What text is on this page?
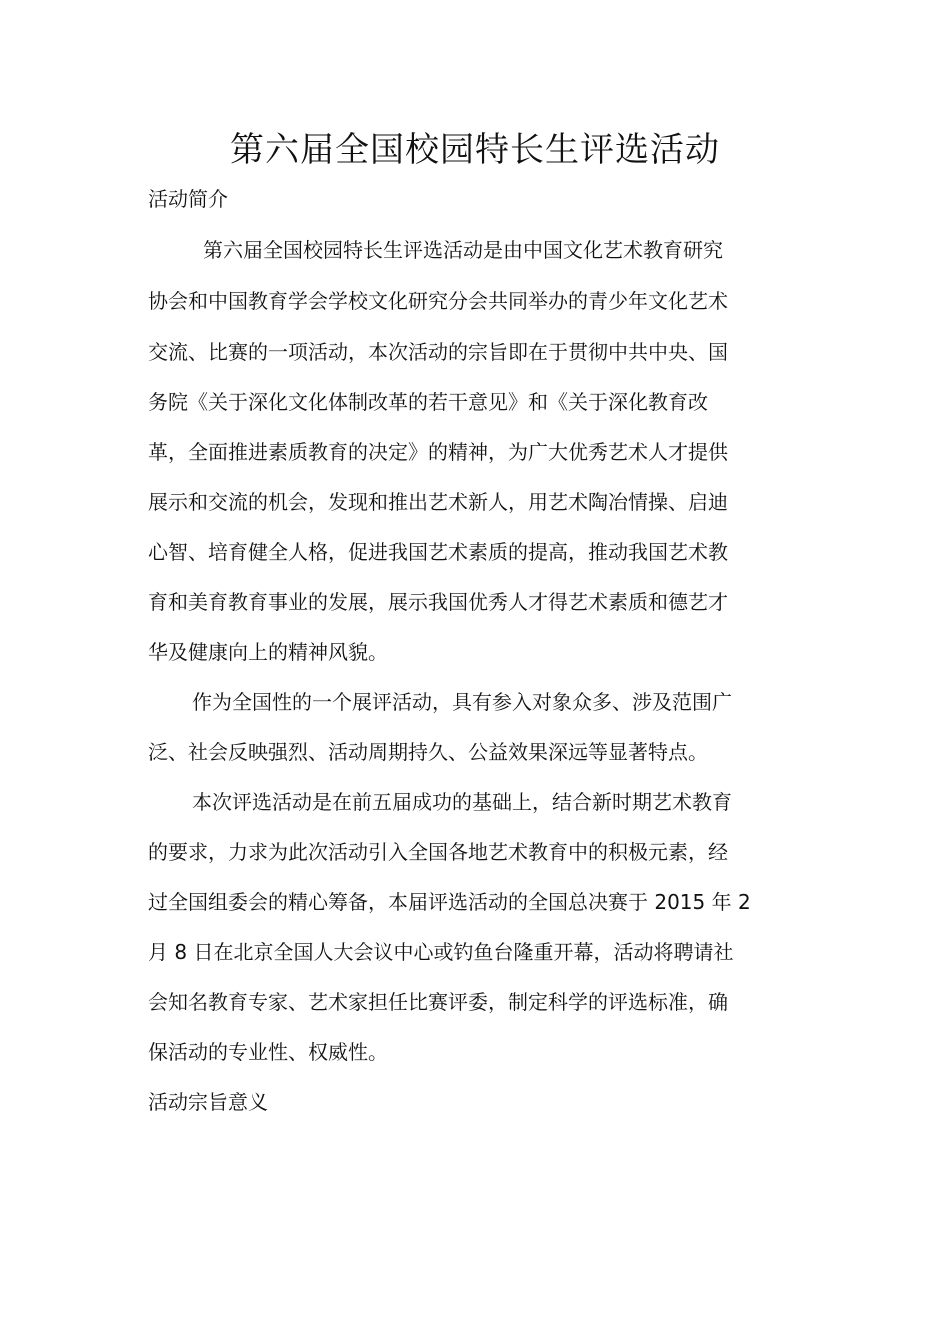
第六届全国校园特长生评选活动
活动简介
第六届全国校园特长生评选活动是由中国文化艺术教育研究
协会和中国教育学会学校文化研究分会共同举办的青少年文化艺术
交流、比赛的一项活动，本次活动的宗旨即在于贯彻中共中央、国
务院《关于深化文化体制改革的若干意见》和《关于深化教育改
革，全面推进素质教育的决定》的精神，为广大优秀艺术人才提供
展示和交流的机会，发现和推出艺术新人，用艺术陶冶情操、启迪
心智、培育健全人格，促进我国艺术素质的提高，推动我国艺术教
育和美育教育事业的发展，展示我国优秀人才得艺术素质和德艺才
华及健康向上的精神风貌。
作为全国性的一个展评活动，具有参入对象众多、涉及范围广
泛、社会反映强烈、活动周期持久、公益效果深远等显著特点。
本次评选活动是在前五届成功的基础上，结合新时期艺术教育
的要求，力求为此次活动引入全国各地艺术教育中的积极元素，经
过全国组委会的精心筹备，本届评选活动的全国总决赛于 2015 年 2
月 8 日在北京全国人大会议中心或钓鱼台隆重开幕，活动将聘请社
会知名教育专家、艺术家担任比赛评委，制定科学的评选标准，确
保活动的专业性、权威性。
活动宗旨意义
